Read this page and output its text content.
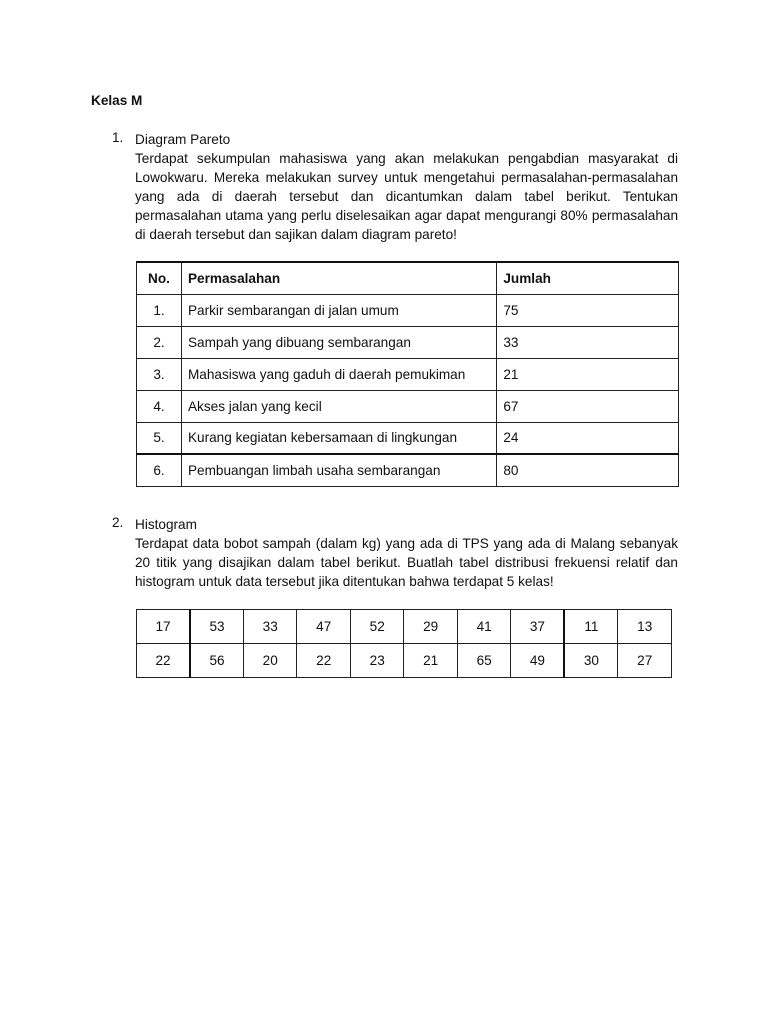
Kelas M
1. Diagram Pareto
Terdapat sekumpulan mahasiswa yang akan melakukan pengabdian masyarakat di Lowokwaru. Mereka melakukan survey untuk mengetahui permasalahan-permasalahan yang ada di daerah tersebut dan dicantumkan dalam tabel berikut. Tentukan permasalahan utama yang perlu diselesaikan agar dapat mengurangi 80% permasalahan di daerah tersebut dan sajikan dalam diagram pareto!
No.	Permasalahan	Jumlah
1.	Parkir sembarangan di jalan umum	75
2.	Sampah yang dibuang sembarangan	33
3.	Mahasiswa yang gaduh di daerah pemukiman	21
4.	Akses jalan yang kecil	67
5.	Kurang kegiatan kebersamaan di lingkungan	24
6.	Pembuangan limbah usaha sembarangan	80
2. Histogram
Terdapat data bobot sampah (dalam kg) yang ada di TPS yang ada di Malang sebanyak 20 titik yang disajikan dalam tabel berikut. Buatlah tabel distribusi frekuensi relatif dan histogram untuk data tersebut jika ditentukan bahwa terdapat 5 kelas!
17	53	33	47	52	29	41	37	11	13
22	56	20	22	23	21	65	49	30	27
